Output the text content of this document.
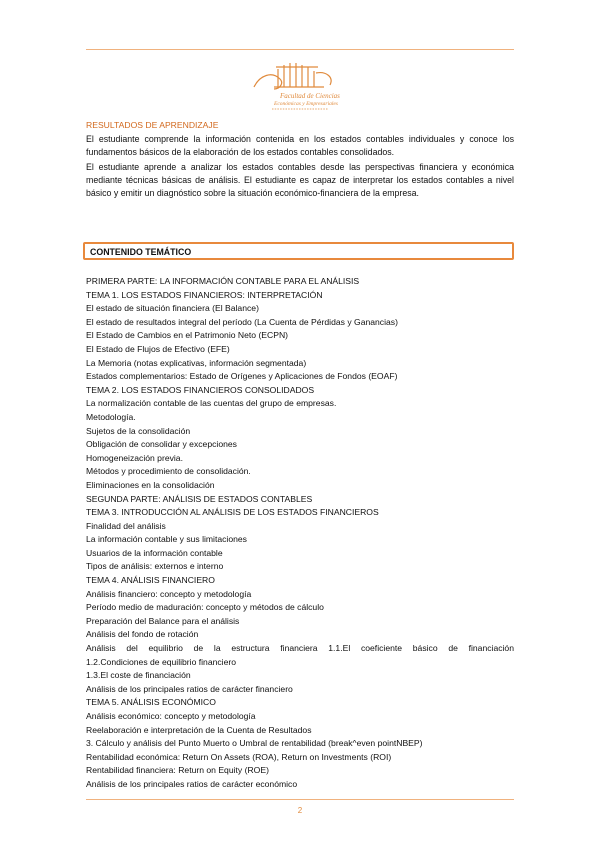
Facultad de Ciencias
Económicas y Empresariales
RESULTADOS DE APRENDIZAJE

El estudiante comprende la información contenida en los estados contables individuales y conoce los fundamentos básicos de la elaboración de los estados contables consolidados.

El estudiante aprende a analizar los estados contables desde las perspectivas financiera y económica mediante técnicas básicas de análisis. El estudiante es capaz de interpretar los estados contables a nivel básico y emitir un diagnóstico sobre la situación económico-financiera de la empresa.

CONTENIDO TEMÁTICO
PRIMERA PARTE: LA INFORMACIÓN CONTABLE PARA EL ANÁLISIS
TEMA 1. LOS ESTADOS FINANCIEROS: INTERPRETACIÓN
El estado de situación financiera (El Balance)
El estado de resultados integral del período (La Cuenta de Pérdidas y Ganancias)
El Estado de Cambios en el Patrimonio Neto (ECPN)
El Estado de Flujos de Efectivo (EFE)
La Memoria (notas explicativas, información segmentada)
Estados complementarios: Estado de Orígenes y Aplicaciones de Fondos (EOAF)
TEMA 2. LOS ESTADOS FINANCIEROS CONSOLIDADOS
La normalización contable de las cuentas del grupo de empresas.
Metodología.
Sujetos de la consolidación
Obligación de consolidar y excepciones
Homogeneización previa.
Métodos y procedimiento de consolidación.
Eliminaciones en la consolidación
SEGUNDA PARTE: ANÁLISIS DE ESTADOS CONTABLES
TEMA 3. INTRODUCCIÓN AL ANÁLISIS DE LOS ESTADOS FINANCIEROS
Finalidad del análisis
La información contable y sus limitaciones
Usuarios de la información contable
Tipos de análisis: externos e interno
TEMA 4. ANÁLISIS FINANCIERO
Análisis financiero: concepto y metodología
Período medio de maduración: concepto y métodos de cálculo
Preparación del Balance para el análisis
Análisis del fondo de rotación
Análisis del equilibrio de la estructura financiera 1.1.El coeficiente básico de financiación
1.2.Condiciones de equilibrio financiero
1.3.El coste de financiación
Análisis de los principales ratios de carácter financiero
TEMA 5. ANÁLISIS ECONÓMICO
Análisis económico: concepto y metodología
Reelaboración e interpretación de la Cuenta de Resultados
3. Cálculo y análisis del Punto Muerto o Umbral de rentabilidad (break^even pointNBEP)
Rentabilidad económica: Return On Assets (ROA), Return on Investments (ROI)
Rentabilidad financiera: Return on Equity (ROE)
Análisis de los principales ratios de carácter económico
2
